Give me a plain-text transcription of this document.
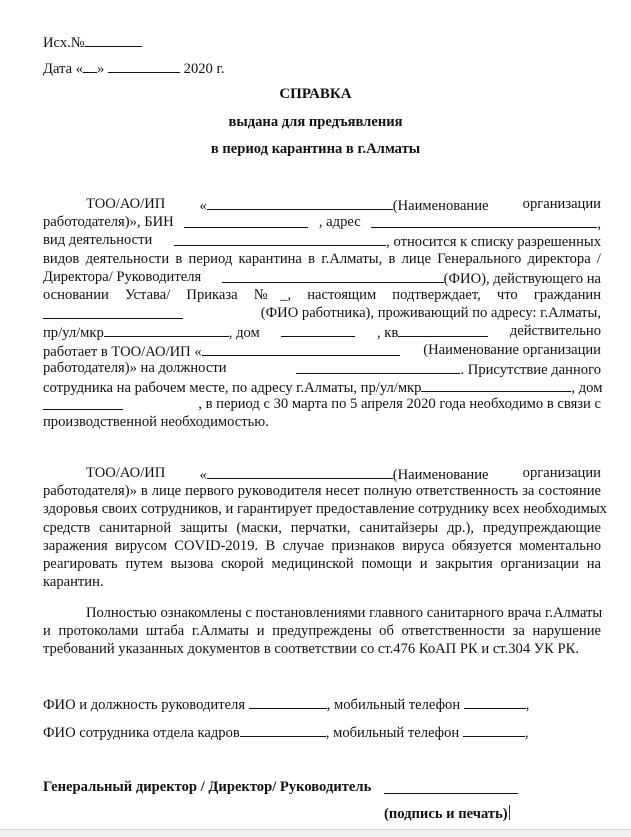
Исх.№
Дата « »	2020 г.
СПРАВКА
выдана для предъявления
в период карантина в г.Алматы
ТОО/АО/ИП «	(Наименование организации
работодателя)», БИН	, адрес	,
вид деятельности	, относится к списку разрешенных
видов деятельности в период карантина в г.Алматы, в лице Генерального директора /
Директора/ Руководителя	(ФИО), действующего на
основании Устава/ Приказа №_, настоящим подтверждает, что гражданин
(ФИО работника), проживающий по адресу: г.Алматы,
пр/ул/мкр	, дом	, кв	действительно
работает в ТОО/АО/ИП «	(Наименование организации
работодателя)» на должности	. Присутствие данного
сотрудника на рабочем месте, по адресу г.Алматы, пр/ул/мкр	, дом
, в период с 30 марта по 5 апреля 2020 года необходимо в связи с
производственной необходимостью.
ТОО/АО/ИП «	(Наименование организации
работодателя)» в лице первого руководителя несет полную ответственность за состояние
здоровья своих сотрудников, и гарантирует предоставление сотруднику всех необходимых
средств санитарной защиты (маски, перчатки, санитайзеры др.), предупреждающие
заражения вирусом COVID-2019. В случае признаков вируса обязуется моментально
реагировать путем вызова скорой медицинской помощи и закрытия организации на
карантин.
Полностью ознакомлены с постановлениями главного санитарного врача г.Алматы
и протоколами штаба г.Алматы и предупреждены об ответственности за нарушение
требований указанных документов в соответствии со ст.476 КоАП РК и ст.304 УК РК.
ФИО и должность руководителя	, мобильный телефон	,
ФИО сотрудника отдела кадров	, мобильный телефон	,
Генеральный директор / Директор/ Руководитель
(подпись и печать)
